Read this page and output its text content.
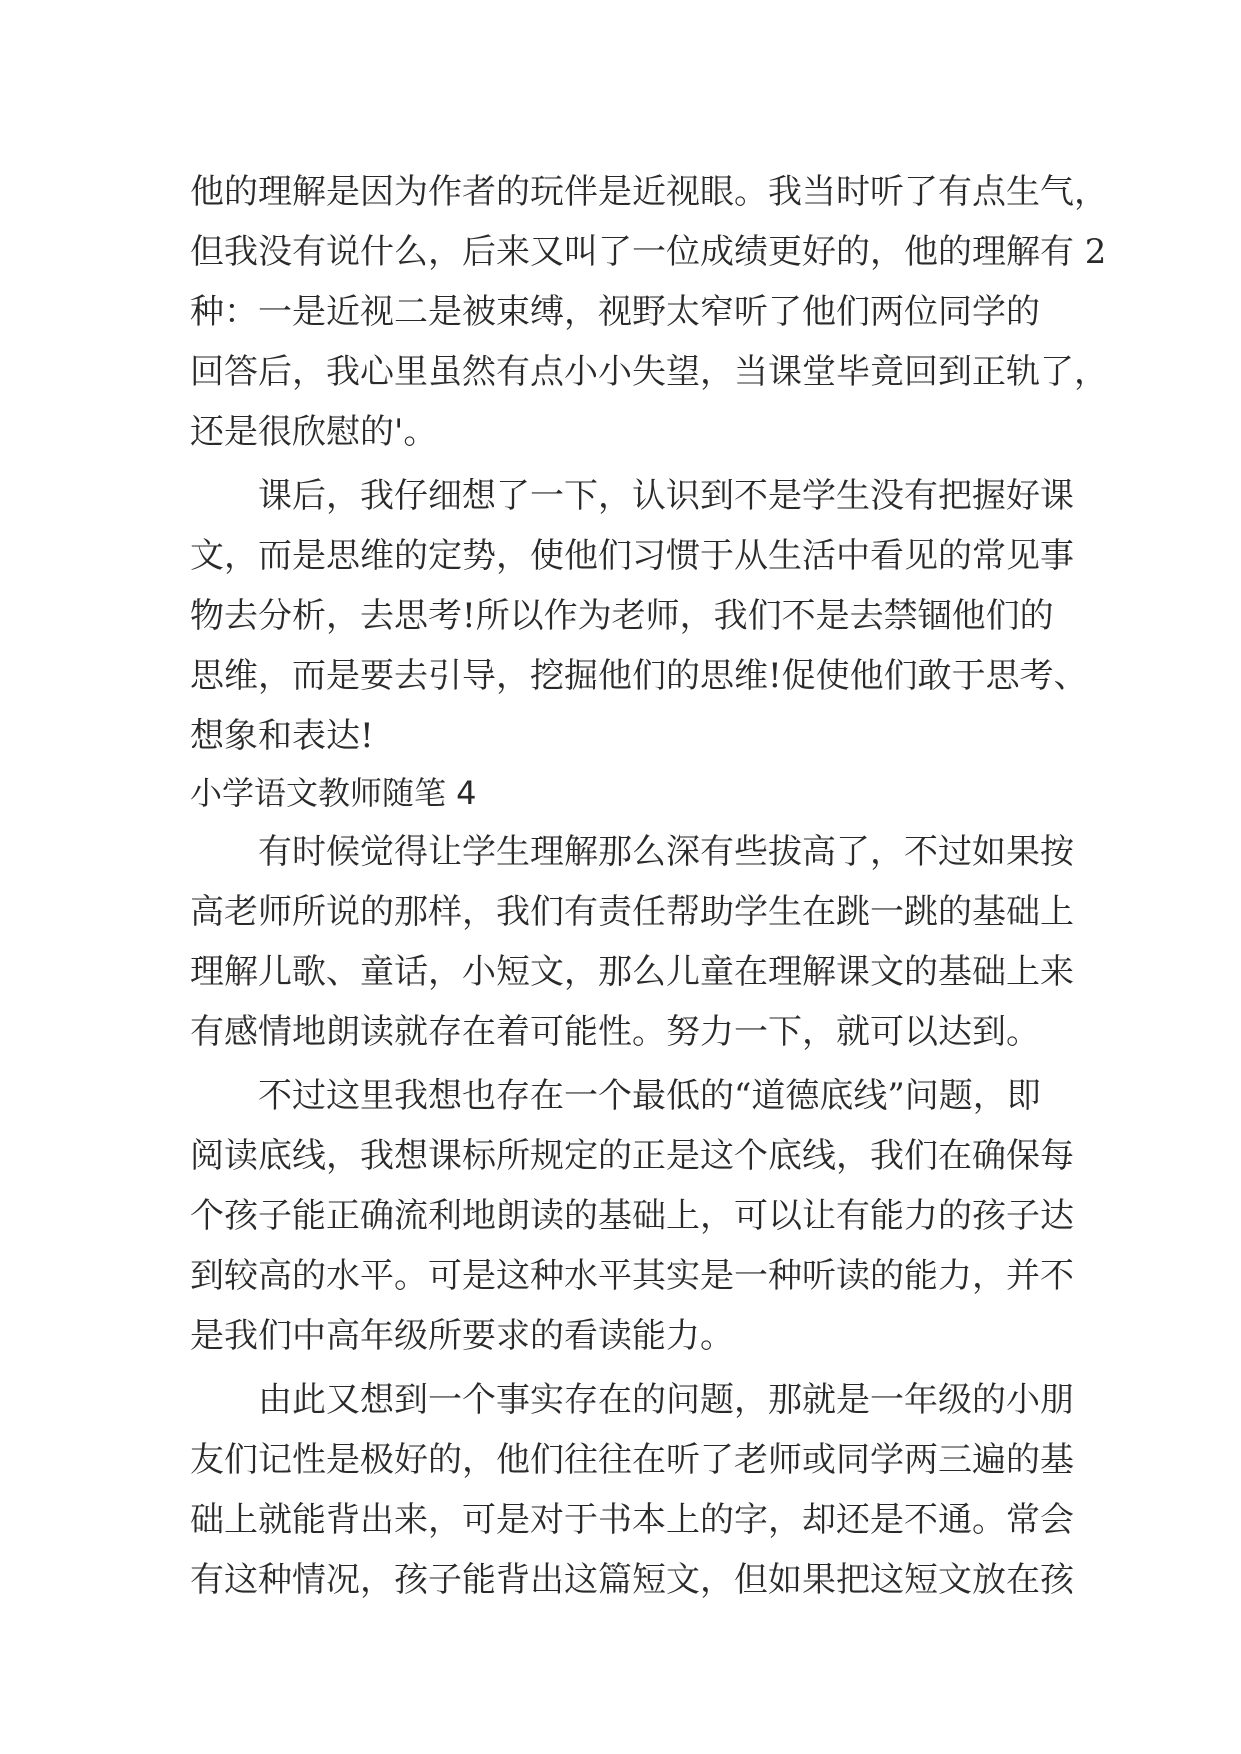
他的理解是因为作者的玩伴是近视眼。我当时听了有点生气，
但我没有说什么，后来又叫了一位成绩更好的，他的理解有 2
种：一是近视二是被束缚，视野太窄听了他们两位同学的
回答后，我心里虽然有点小小失望，当课堂毕竟回到正轨了，
还是很欣慰的'。
　　课后，我仔细想了一下，认识到不是学生没有把握好课
文，而是思维的定势，使他们习惯于从生活中看见的常见事
物去分析，去思考!所以作为老师，我们不是去禁锢他们的
思维，而是要去引导，挖掘他们的思维!促使他们敢于思考、
想象和表达!
小学语文教师随笔 4
　　有时候觉得让学生理解那么深有些拔高了，不过如果按
高老师所说的那样，我们有责任帮助学生在跳一跳的基础上
理解儿歌、童话，小短文，那么儿童在理解课文的基础上来
有感情地朗读就存在着可能性。努力一下，就可以达到。
　　不过这里我想也存在一个最低的“道德底线”问题，即
阅读底线，我想课标所规定的正是这个底线，我们在确保每
个孩子能正确流利地朗读的基础上，可以让有能力的孩子达
到较高的水平。可是这种水平其实是一种听读的能力，并不
是我们中高年级所要求的看读能力。
　　由此又想到一个事实存在的问题，那就是一年级的小朋
友们记性是极好的，他们往往在听了老师或同学两三遍的基
础上就能背出来，可是对于书本上的字，却还是不通。常会
有这种情况，孩子能背出这篇短文，但如果把这短文放在孩
